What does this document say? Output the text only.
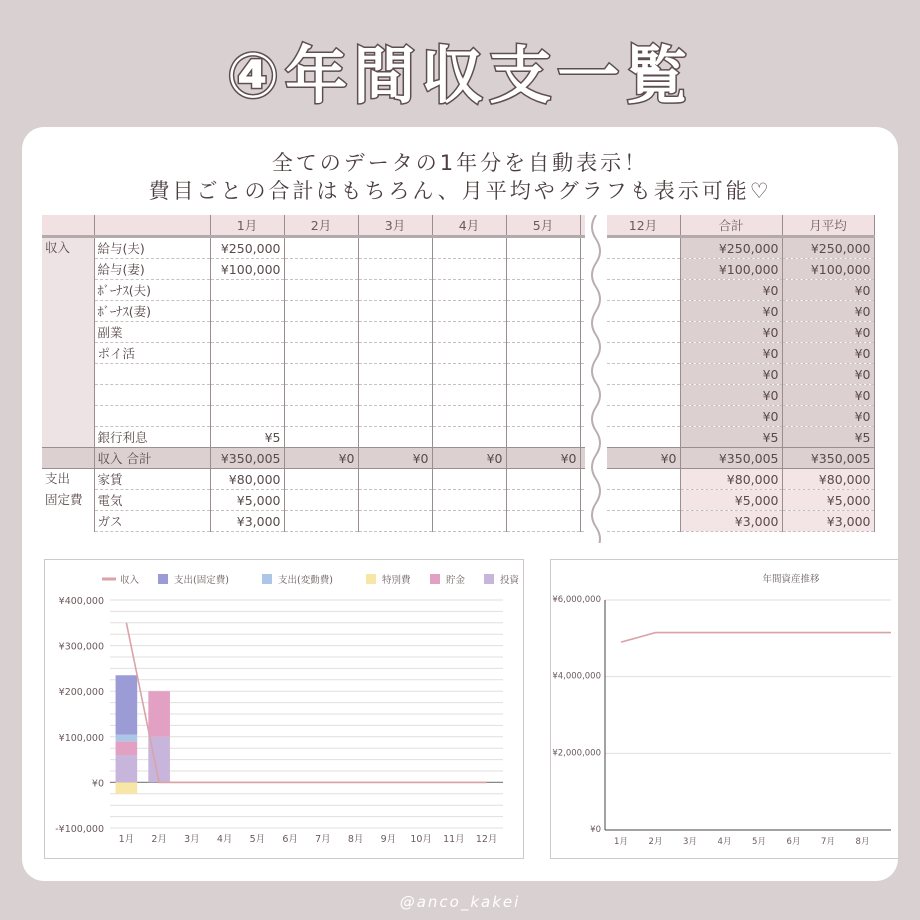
④年間収支一覧
全てのデータの1年分を自動表示！
費目ごとの合計はもちろん、月平均やグラフも表示可能♡
		1月	2月	3月	4月	5月		12月	合計	月平均
収入	給与(夫)	¥250,000							¥250,000	¥250,000
	給与(妻)	¥100,000							¥100,000	¥100,000
	ﾎﾞｰﾅｽ(夫)								¥0	¥0
	ﾎﾞｰﾅｽ(妻)								¥0	¥0
	副業								¥0	¥0
	ポイ活								¥0	¥0
									¥0	¥0
									¥0	¥0
									¥0	¥0
	銀行利息	¥5							¥5	¥5
	収入 合計	¥350,005	¥0	¥0	¥0	¥0	¥0	¥0	¥350,005	¥350,005
支出	家賃	¥80,000							¥80,000	¥80,000
固定費	電気	¥5,000							¥5,000	¥5,000
	ガス	¥3,000							¥3,000	¥3,000
¥400,000
¥300,000
¥200,000
¥100,000
¥0
-¥100,000
1月 2月 3月 4月 5月 6月 7月 8月 9月 10月 11月 12月
収入	支出(固定費)	支出(変動費)	特別費	貯金	投資	年間資産推移
¥6,000,000
¥4,000,000
¥2,000,000
¥0
1月 2月 3月 4月 5月 6月 7月 8月
@anco_kakei
